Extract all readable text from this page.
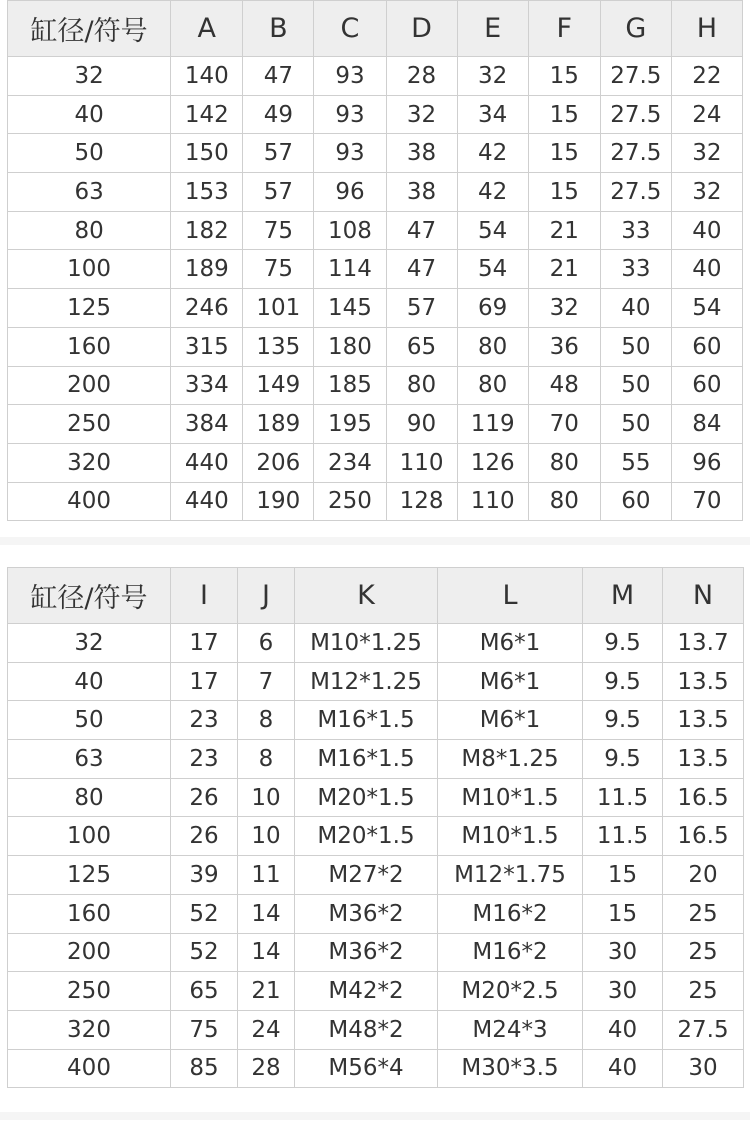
缸径/符号	A	B	C	D	E	F	G	H
32	140	47	93	28	32	15	27.5	22
40	142	49	93	32	34	15	27.5	24
50	150	57	93	38	42	15	27.5	32
63	153	57	96	38	42	15	27.5	32
80	182	75	108	47	54	21	33	40
100	189	75	114	47	54	21	33	40
125	246	101	145	57	69	32	40	54
160	315	135	180	65	80	36	50	60
200	334	149	185	80	80	48	50	60
250	384	189	195	90	119	70	50	84
320	440	206	234	110	126	80	55	96
400	440	190	250	128	110	80	60	70
缸径/符号	I	J	K	L	M	N
32	17	6	M10*1.25	M6*1	9.5	13.7
40	17	7	M12*1.25	M6*1	9.5	13.5
50	23	8	M16*1.5	M6*1	9.5	13.5
63	23	8	M16*1.5	M8*1.25	9.5	13.5
80	26	10	M20*1.5	M10*1.5	11.5	16.5
100	26	10	M20*1.5	M10*1.5	11.5	16.5
125	39	11	M27*2	M12*1.75	15	20
160	52	14	M36*2	M16*2	15	25
200	52	14	M36*2	M16*2	30	25
250	65	21	M42*2	M20*2.5	30	25
320	75	24	M48*2	M24*3	40	27.5
400	85	28	M56*4	M30*3.5	40	30
